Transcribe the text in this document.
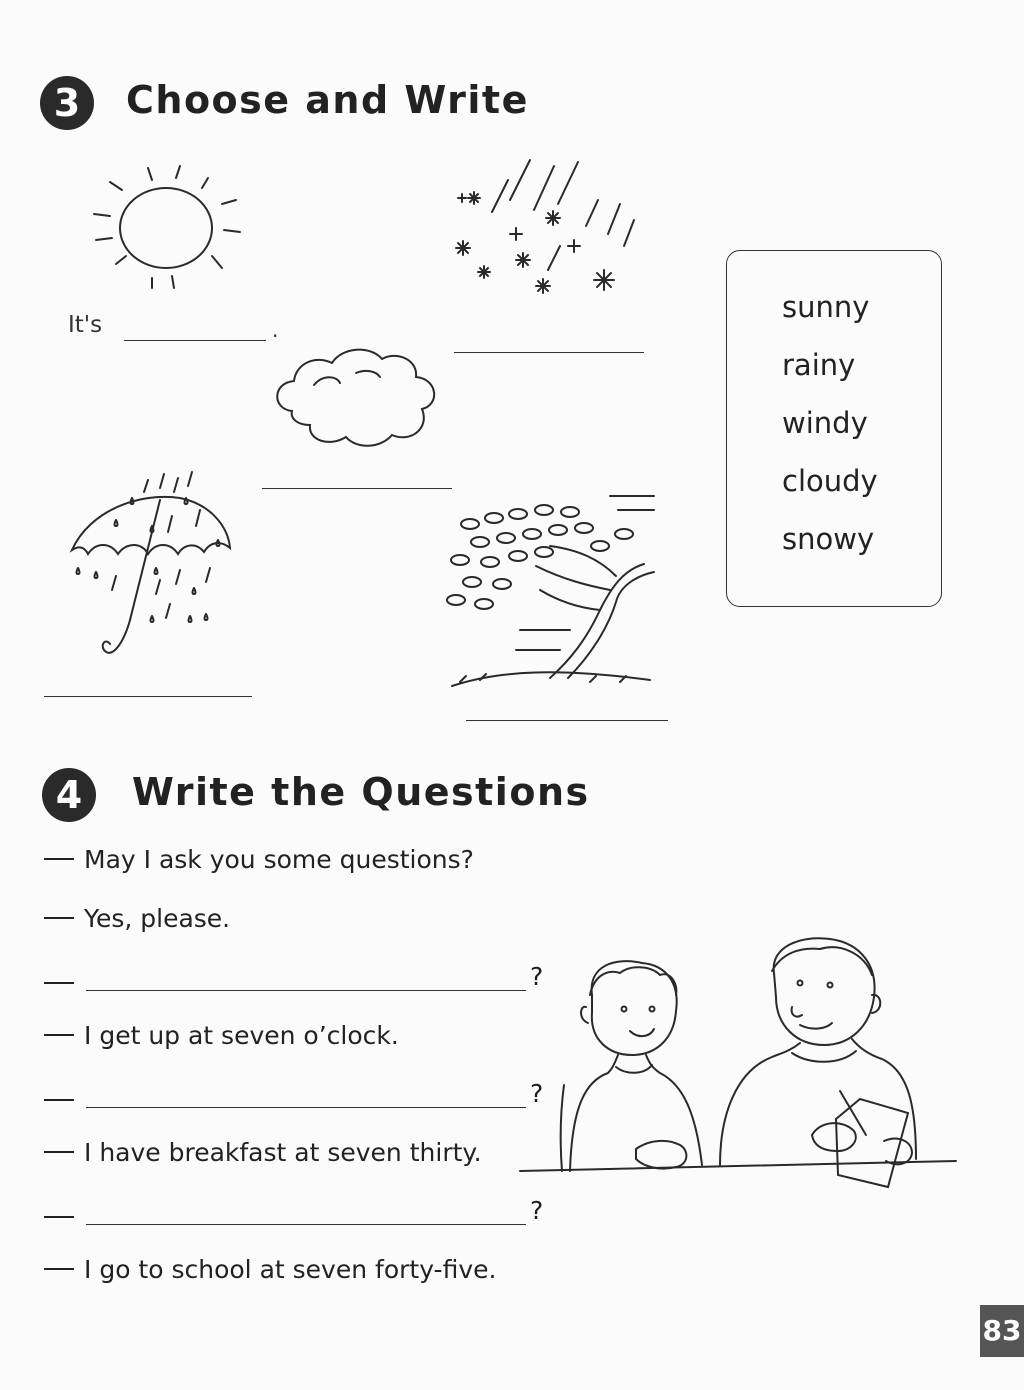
3	Choose and Write
It's	.
sunny
rainy
windy
cloudy
snowy
4	Write the Questions
May I ask you some questions?
Yes, please.
?
I get up at seven o’clock.
?
I have breakfast at seven thirty.
?
I go to school at seven forty-five.
83
